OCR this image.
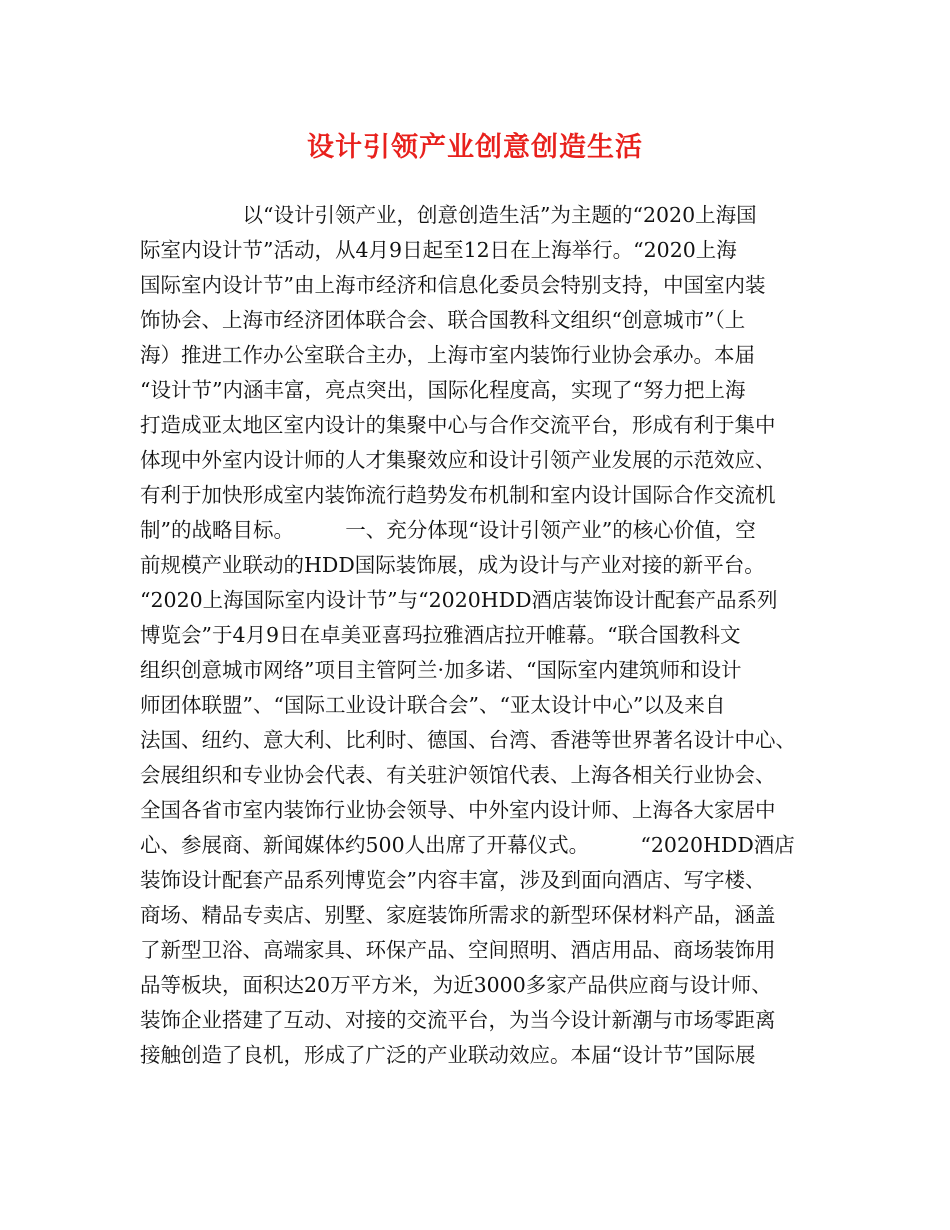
设计引领产业创意创造生活
　　　　　以“设计引领产业，创意创造生活”为主题的“2020上海国
际室内设计节”活动，从4月9日起至12日在上海举行。“2020上海
国际室内设计节”由上海市经济和信息化委员会特别支持，中国室内装
饰协会、上海市经济团体联合会、联合国教科文组织“创意城市”（上
海）推进工作办公室联合主办，上海市室内装饰行业协会承办。本届
“设计节”内涵丰富，亮点突出，国际化程度高，实现了“努力把上海
打造成亚太地区室内设计的集聚中心与合作交流平台，形成有利于集中
体现中外室内设计师的人才集聚效应和设计引领产业发展的示范效应、
有利于加快形成室内装饰流行趋势发布机制和室内设计国际合作交流机
制”的战略目标。　　　一、充分体现“设计引领产业”的核心价值，空
前规模产业联动的HDD国际装饰展，成为设计与产业对接的新平台。
“2020上海国际室内设计节”与“2020HDD酒店装饰设计配套产品系列
博览会”于4月9日在卓美亚喜玛拉雅酒店拉开帷幕。“联合国教科文
组织创意城市网络”项目主管阿兰·加多诺、“国际室内建筑师和设计
师团体联盟”、“国际工业设计联合会”、“亚太设计中心”以及来自
法国、纽约、意大利、比利时、德国、台湾、香港等世界著名设计中心、
会展组织和专业协会代表、有关驻沪领馆代表、上海各相关行业协会、
全国各省市室内装饰行业协会领导、中外室内设计师、上海各大家居中
心、参展商、新闻媒体约500人出席了开幕仪式。　　　“2020HDD酒店
装饰设计配套产品系列博览会”内容丰富，涉及到面向酒店、写字楼、
商场、精品专卖店、别墅、家庭装饰所需求的新型环保材料产品，涵盖
了新型卫浴、高端家具、环保产品、空间照明、酒店用品、商场装饰用
品等板块，面积达20万平方米，为近3000多家产品供应商与设计师、
装饰企业搭建了互动、对接的交流平台，为当今设计新潮与市场零距离
接触创造了良机，形成了广泛的产业联动效应。本届“设计节”国际展
